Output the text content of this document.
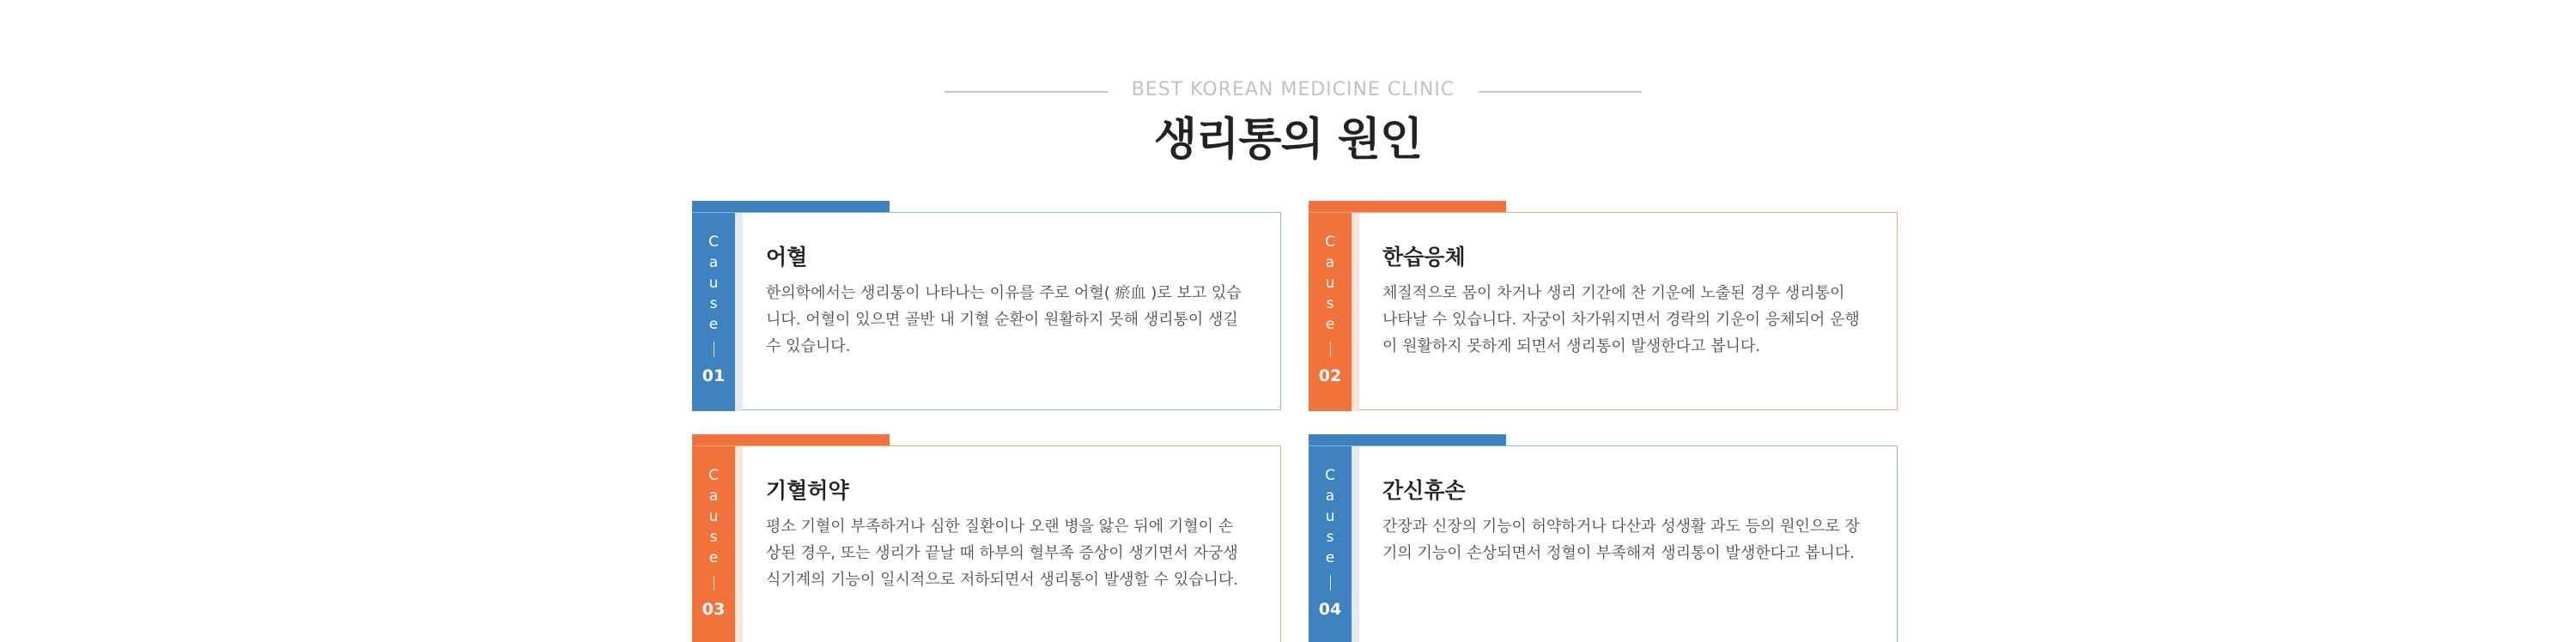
BEST KOREAN MEDICINE CLINIC
생리통의 원인
C
a
u
s
e
01
어혈
한의학에서는 생리통이 나타나는 이유를 주로 어혈( 瘀血 )로 보고 있습니다. 어혈이 있으면 골반 내 기혈 순환이 원활하지 못해 생리통이 생길 수 있습니다.
C
a
u
s
e
02
한습응체
체질적으로 몸이 차거나 생리 기간에 찬 기운에 노출된 경우 생리통이 나타날 수 있습니다. 자궁이 차가워지면서 경락의 기운이 응체되어 운행이 원활하지 못하게 되면서 생리통이 발생한다고 봅니다.
C
a
u
s
e
03
기혈허약
평소 기혈이 부족하거나 심한 질환이나 오랜 병을 앓은 뒤에 기혈이 손상된 경우, 또는 생리가 끝날 때 하부의 혈부족 증상이 생기면서 자궁생식기계의 기능이 일시적으로 저하되면서 생리통이 발생할 수 있습니다.
C
a
u
s
e
04
간신휴손
간장과 신장의 기능이 허약하거나 다산과 성생활 과도 등의 원인으로 장기의 기능이 손상되면서 정혈이 부족해져 생리통이 발생한다고 봅니다.
